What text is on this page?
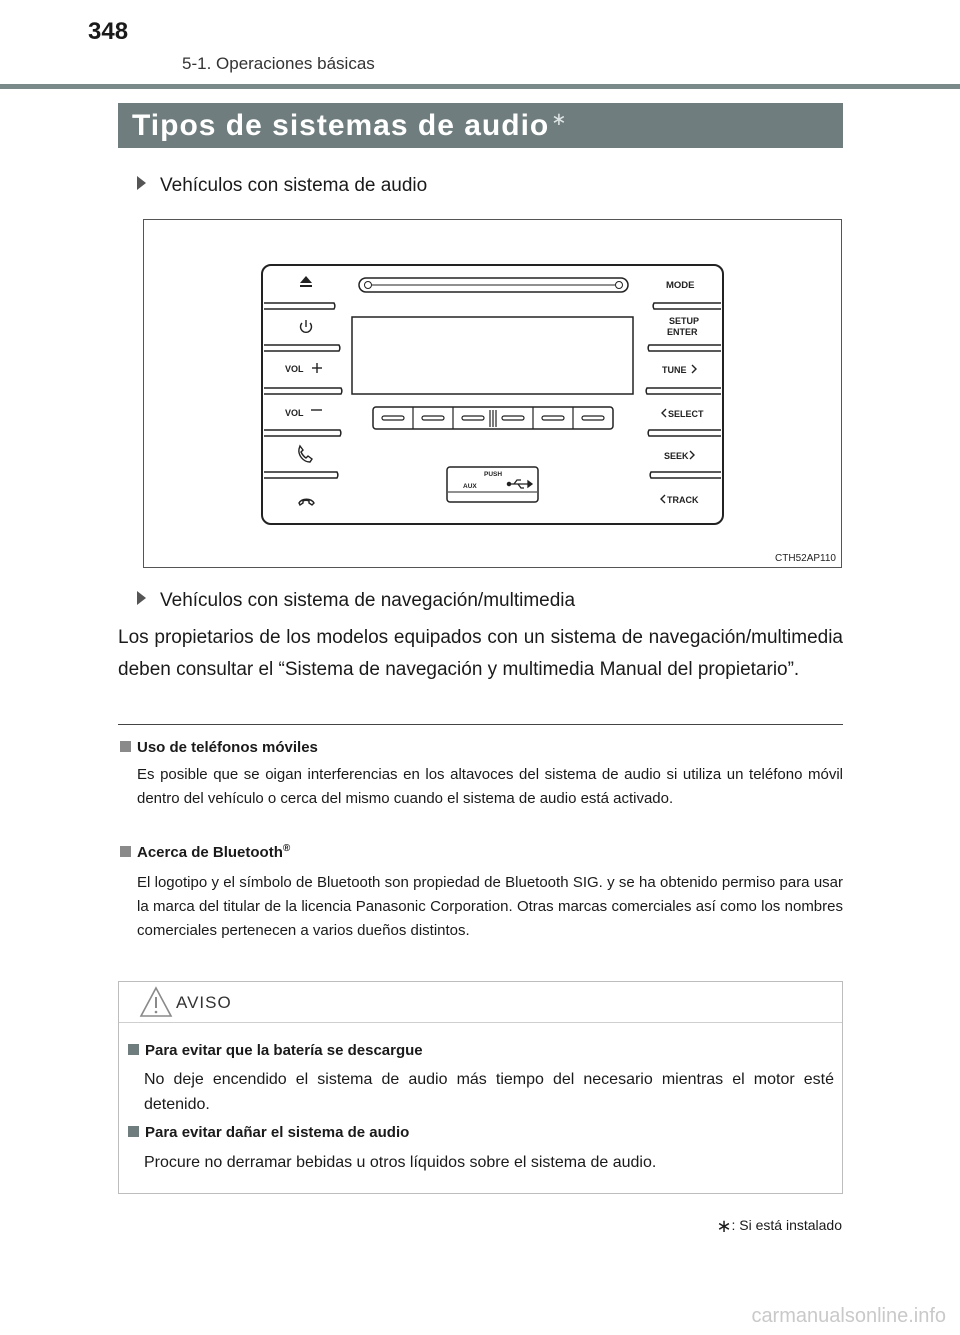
348
5-1. Operaciones básicas
Tipos de sistemas de audio ∗
Vehículos con sistema de audio
PUSH
AUX
VOL
VOL
MODE
SETUP
ENTER
TUNE
SELECT
SEEK
TRACK
CTH52AP110
Vehículos con sistema de navegación/multimedia
Los propietarios de los modelos equipados con un sistema de navegación/multimedia deben consultar el “Sistema de navegación y multimedia Manual del propietario”.
Uso de teléfonos móviles
Es posible que se oigan interferencias en los altavoces del sistema de audio si utiliza un teléfono móvil dentro del vehículo o cerca del mismo cuando el sistema de audio está activado.
Acerca de Bluetooth®
El logotipo y el símbolo de Bluetooth son propiedad de Bluetooth SIG. y se ha obtenido permiso para usar la marca del titular de la licencia Panasonic Corporation. Otras marcas comerciales así como los nombres comerciales pertenecen a varios dueños distintos.
AVISO
Para evitar que la batería se descargue
No deje encendido el sistema de audio más tiempo del necesario mientras el motor esté detenido.
Para evitar dañar el sistema de audio
Procure no derramar bebidas u otros líquidos sobre el sistema de audio.
∗: Si está instalado
carmanualsonline.info
